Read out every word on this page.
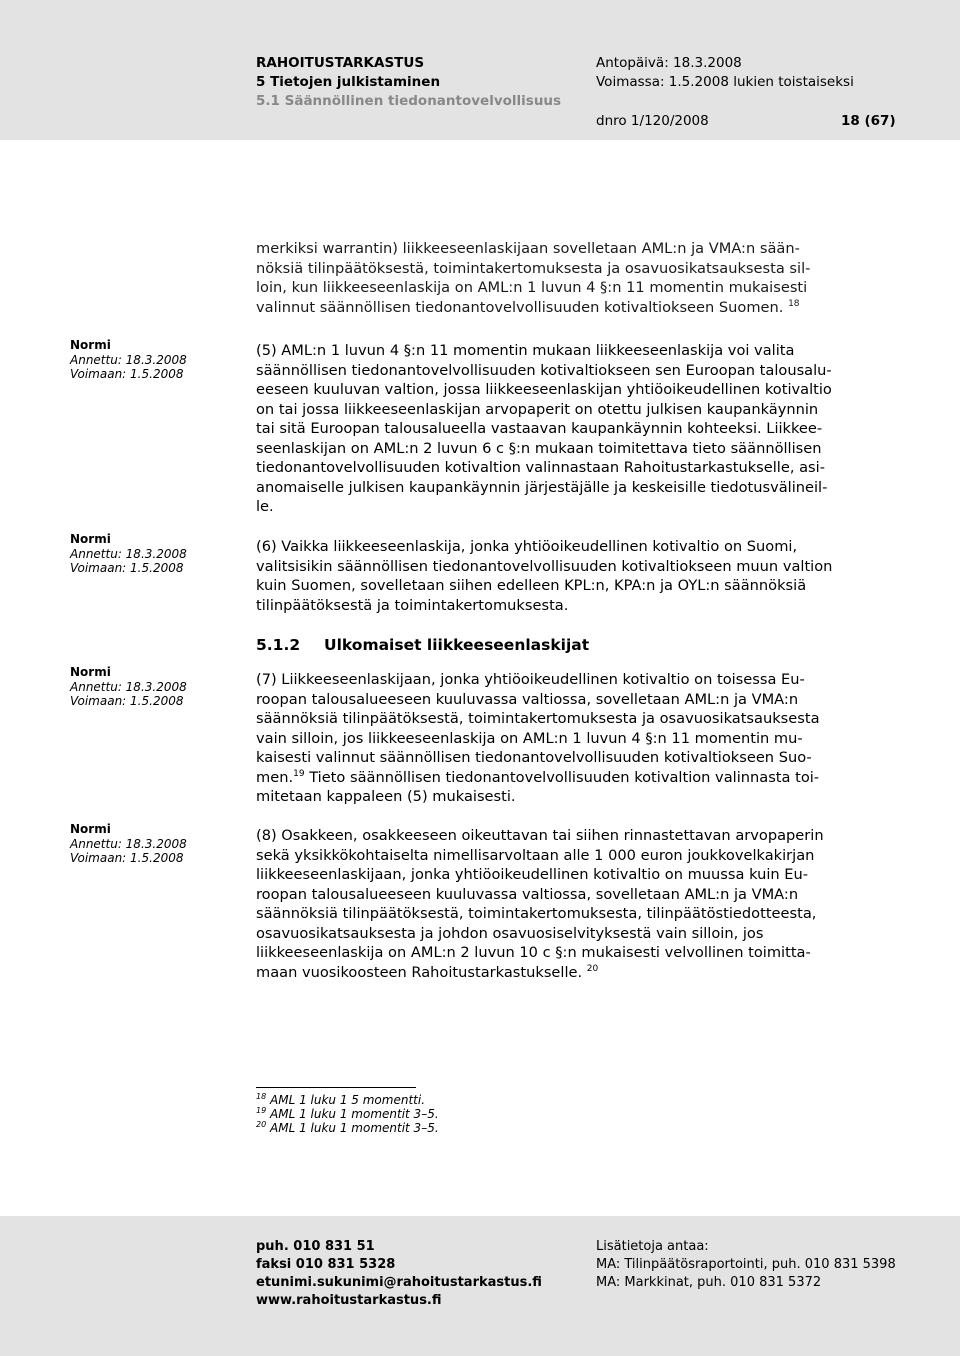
RAHOITUSTARKASTUS
5 Tietojen julkistaminen
5.1 Säännöllinen tiedonantovelvollisuus
Antopäivä: 18.3.2008
Voimassa: 1.5.2008 lukien toistaiseksi
dnro 1/120/2008	18 (67)
merkiksi warrantin) liikkeeseenlaskijaan sovelletaan AML:n ja VMA:n sään-
nöksiä tilinpäätöksestä, toimintakertomuksesta ja osavuosikatsauksesta sil-
loin, kun liikkeeseenlaskija on AML:n 1 luvun 4 §:n 11 momentin mukaisesti
valinnut säännöllisen tiedonantovelvollisuuden kotivaltiokseen Suomen. $^{18}$
Normi
Annettu: 18.3.2008
Voimaan: 1.5.2008
(5) AML:n 1 luvun 4 §:n 11 momentin mukaan liikkeeseenlaskija voi valita
säännöllisen tiedonantovelvollisuuden kotivaltiokseen sen Euroopan talousalu-
eeseen kuuluvan valtion, jossa liikkeeseenlaskijan yhtiöoikeudellinen kotivaltio
on tai jossa liikkeeseenlaskijan arvopaperit on otettu julkisen kaupankäynnin
tai sitä Euroopan talousalueella vastaavan kaupankäynnin kohteeksi. Liikkee-
seenlaskijan on AML:n 2 luvun 6 c §:n mukaan toimitettava tieto säännöllisen
tiedonantovelvollisuuden kotivaltion valinnastaan Rahoitustarkastukselle, asi-
anomaiselle julkisen kaupankäynnin järjestäjälle ja keskeisille tiedotusvälineil-
le.
Normi
Annettu: 18.3.2008
Voimaan: 1.5.2008
(6) Vaikka liikkeeseenlaskija, jonka yhtiöoikeudellinen kotivaltio on Suomi,
valitsisikin säännöllisen tiedonantovelvollisuuden kotivaltiokseen muun valtion
kuin Suomen, sovelletaan siihen edelleen KPL:n, KPA:n ja OYL:n säännöksiä
tilinpäätöksestä ja toimintakertomuksesta.
5.1.2 Ulkomaiset liikkeeseenlaskijat
Normi
Annettu: 18.3.2008
Voimaan: 1.5.2008
(7) Liikkeeseenlaskijaan, jonka yhtiöoikeudellinen kotivaltio on toisessa Eu-
roopan talousalueeseen kuuluvassa valtiossa, sovelletaan AML:n ja VMA:n
säännöksiä tilinpäätöksestä, toimintakertomuksesta ja osavuosikatsauksesta
vain silloin, jos liikkeeseenlaskija on AML:n 1 luvun 4 §:n 11 momentin mu-
kaisesti valinnut säännöllisen tiedonantovelvollisuuden kotivaltiokseen Suo-
men.$^{19}$ Tieto säännöllisen tiedonantovelvollisuuden kotivaltion valinnasta toi-
mitetaan kappaleen (5) mukaisesti.
Normi
Annettu: 18.3.2008
Voimaan: 1.5.2008
(8) Osakkeen, osakkeeseen oikeuttavan tai siihen rinnastettavan arvopaperin
sekä yksikkökohtaiselta nimellisarvoltaan alle 1 000 euron joukkovelkakirjan
liikkeeseenlaskijaan, jonka yhtiöoikeudellinen kotivaltio on muussa kuin Eu-
roopan talousalueeseen kuuluvassa valtiossa, sovelletaan AML:n ja VMA:n
säännöksiä tilinpäätöksestä, toimintakertomuksesta, tilinpäätöstiedotteesta,
osavuosikatsauksesta ja johdon osavuosiselvityksestä vain silloin, jos
liikkeeseenlaskija on AML:n 2 luvun 10 c §:n mukaisesti velvollinen toimitta-
maan vuosikoosteen Rahoitustarkastukselle. $^{20}$
$^{18}$ AML 1 luku 1 5 momentti.
$^{19}$ AML 1 luku 1 momentit 3–5.
$^{20}$ AML 1 luku 1 momentit 3–5.
puh. 010 831 51
faksi 010 831 5328
etunimi.sukunimi@rahoitustarkastus.fi
www.rahoitustarkastus.fi
Lisätietoja antaa:
MA: Tilinpäätösraportointi, puh. 010 831 5398
MA: Markkinat, puh. 010 831 5372
